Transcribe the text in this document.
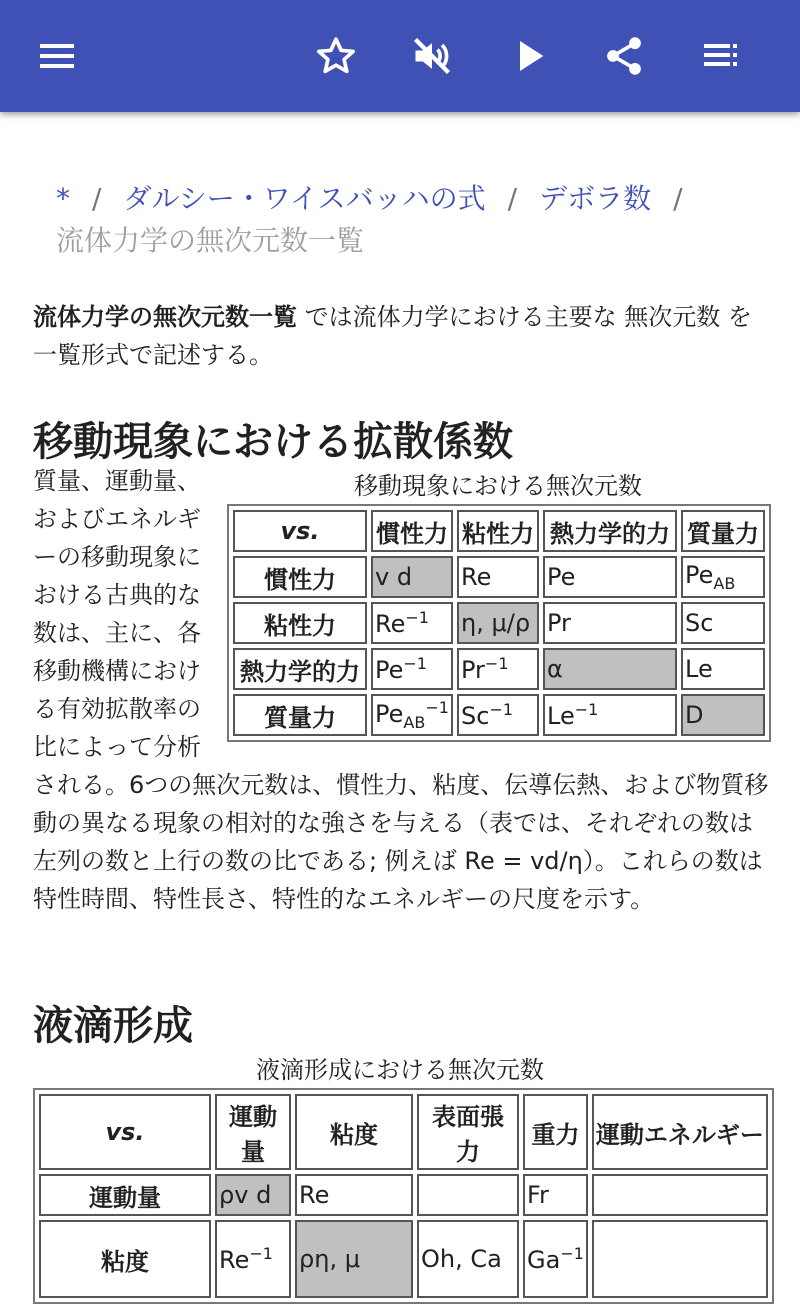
* / ダルシー・ワイスバッハの式 / デボラ数 /
流体力学の無次元数一覧
流体力学の無次元数一覧 では流体力学における主要な 無次元数 を一覧形式で記述する。
移動現象における拡散係数
質量、運動量、およびエネルギーの移動現象における古典的な数は、主に、各移動機構における有効拡散率の比によって分析
移動現象における無次元数
vs.	慣性力	粘性力	熱力学的力	質量力
慣性力	v d	Re	Pe	$Pe_{AB}$
粘性力	$Re^{-1}$	η, μ/ρ	Pr	Sc
熱力学的力	$Pe^{-1}$	$Pr^{-1}$	α	Le
質量力	$Pe_{AB}^{-1}$	$Sc^{-1}$	$Le^{-1}$	D
される。6つの無次元数は、慣性力、粘度、伝導伝熱、および物質移動の異なる現象の相対的な強さを与える（表では、それぞれの数は左列の数と上行の数の比である; 例えば Re = vd/η）。これらの数は特性時間、特性長さ、特性的なエネルギーの尺度を示す。
液滴形成
液滴形成における無次元数
vs.	運動量	粘度	表面張力	重力	運動エネルギー
運動量	ρv d	Re		Fr	
粘度	$Re^{-1}$	ρη, μ	Oh, Ca	$Ga^{-1}$	
